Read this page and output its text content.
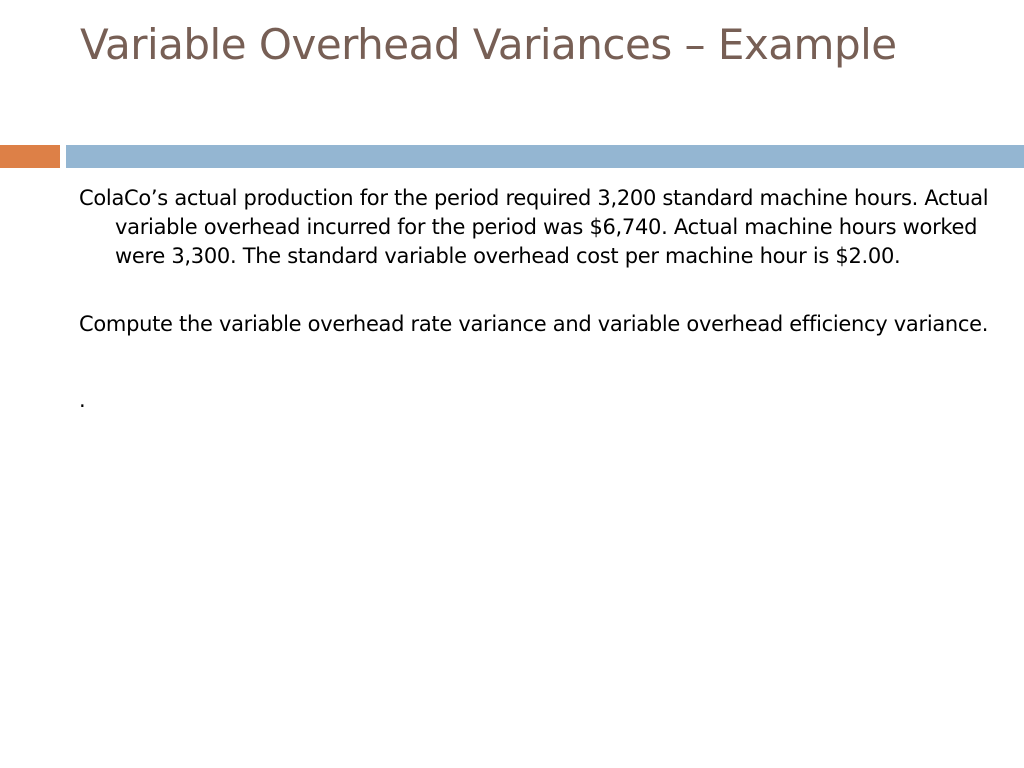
Variable Overhead Variances – Example

ColaCo’s actual production for the period required 3,200 standard machine hours. Actual variable overhead incurred for the period was $6,740. Actual machine hours worked were 3,300. The standard variable overhead cost per machine hour is $2.00.

Compute the variable overhead rate variance and variable overhead efficiency variance.

.
